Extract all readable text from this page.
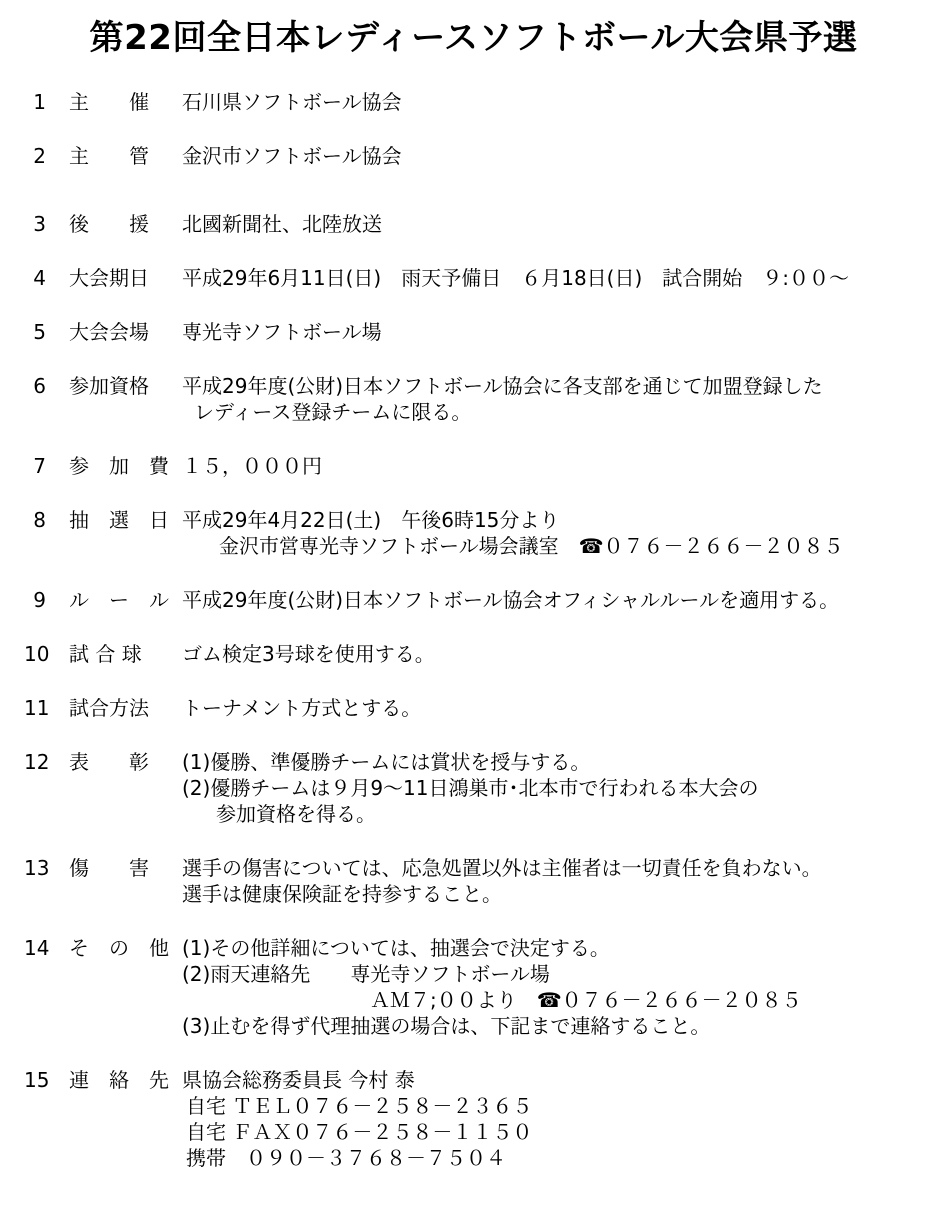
第22回全日本レディースソフトボール大会県予選
1 主　　催	石川県ソフトボール協会
2 主　　管	金沢市ソフトボール協会
3 後　　援	北國新聞社、北陸放送
4 大会期日	平成29年6月11日(日)　雨天予備日　６月18日(日)　試合開始　９:００～
5 大会会場	専光寺ソフトボール場
6 参加資格	平成29年度(公財)日本ソフトボール協会に各支部を通じて加盟登録した
レディース登録チームに限る。
7 参　加　費 １５，０００円
8 抽　選　日 平成29年4月22日(土)　午後6時15分より
金沢市営専光寺ソフトボール場会議室　☎０７６－２６６－２０８５
9 ル　ー　ル 平成29年度(公財)日本ソフトボール協会オフィシャルルールを適用する。
10 試 合 球	ゴム検定3号球を使用する。
11 試合方法	トーナメント方式とする。
12 表　　彰	(1)優勝、準優勝チームには賞状を授与する。
(2)優勝チームは９月9～11日鴻巣市･北本市で行われる本大会の
参加資格を得る。
13 傷　　害	選手の傷害については、応急処置以外は主催者は一切責任を負わない。
選手は健康保険証を持参すること。
14 そ　の　他 (1)その他詳細については、抽選会で決定する。
(2)雨天連絡先　　専光寺ソフトボール場
ＡＭ７;００より　☎０７６－２６６－２０８５
(3)止むを得ず代理抽選の場合は、下記まで連絡すること。
15 連　絡　先 県協会総務委員長 今村 泰
自宅 ＴＥＬ０７６－２５８－２３６５
自宅 ＦＡＸ０７６－２５８－１１５０
携帯　０９０－３７６８－７５０４
